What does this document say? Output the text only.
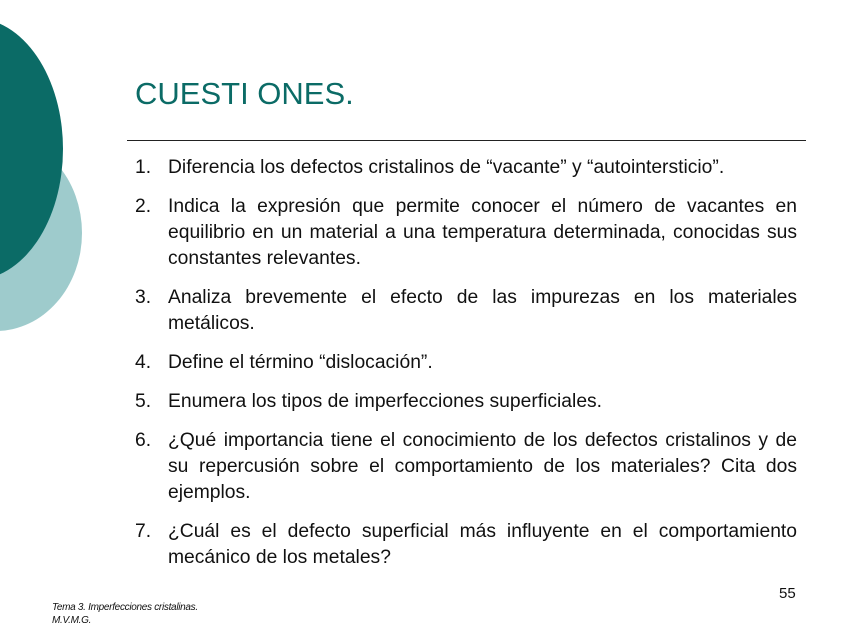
CUESTI ONES.
1. Diferencia los defectos cristalinos de “vacante” y “autointersticio”.
2. Indica la expresión que permite conocer el número de vacantes en equilibrio en un material a una temperatura determinada, conocidas sus constantes relevantes.
3. Analiza brevemente el efecto de las impurezas en los materiales metálicos.
4. Define el término “dislocación”.
5. Enumera los tipos de imperfecciones superficiales.
6. ¿Qué importancia tiene el conocimiento de los defectos cristalinos y de su repercusión sobre el comportamiento de los materiales? Cita dos ejemplos.
7. ¿Cuál es el defecto superficial más influyente en el comportamiento mecánico de los metales?
55
Tema 3. Imperfecciones cristalinas.
M.V.M.G.
